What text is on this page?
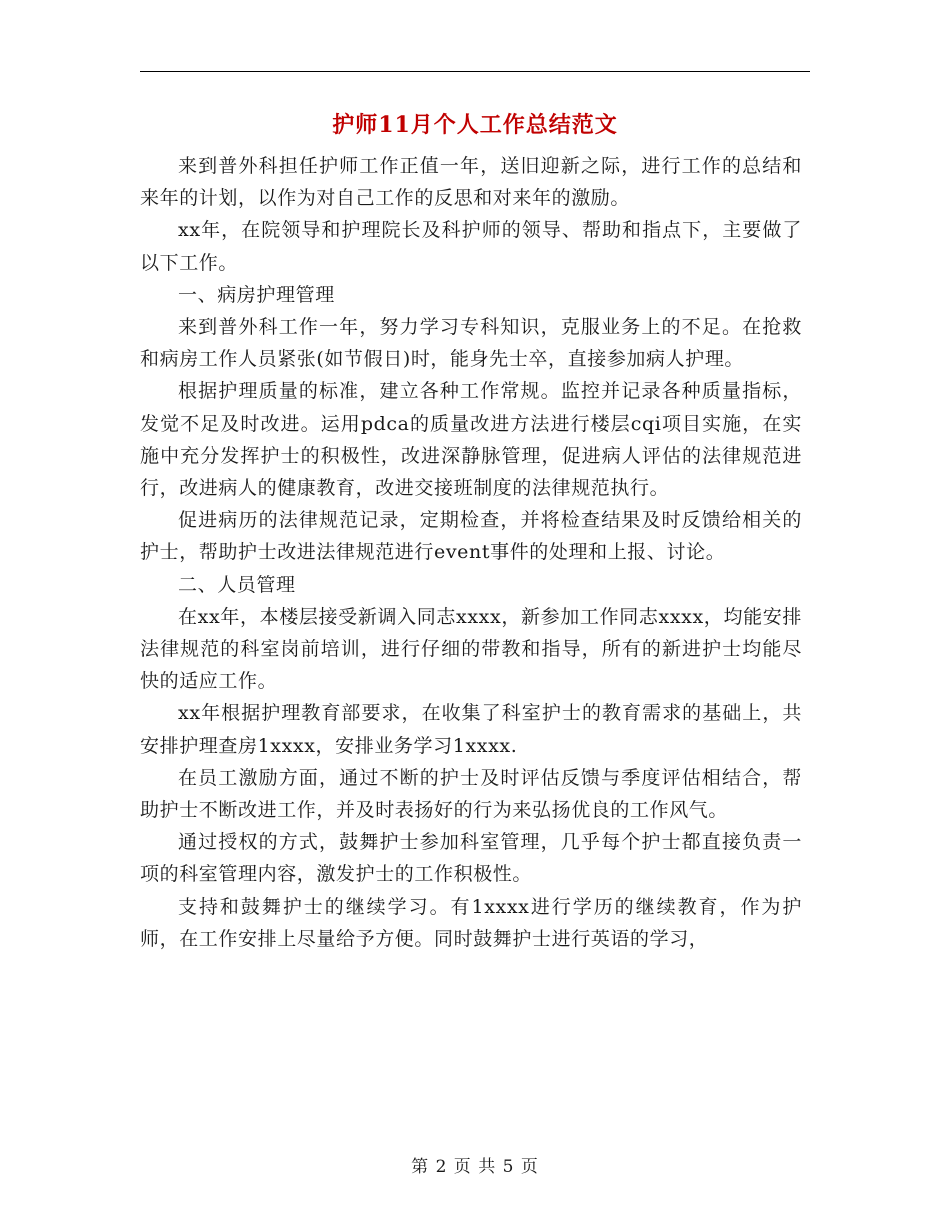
护师11月个人工作总结范文

来到普外科担任护师工作正值一年，送旧迎新之际，进行工作的总结和来年的计划，以作为对自己工作的反思和对来年的激励。

xx年，在院领导和护理院长及科护师的领导、帮助和指点下，主要做了以下工作。

一、病房护理管理

来到普外科工作一年，努力学习专科知识，克服业务上的不足。在抢救和病房工作人员紧张(如节假日)时，能身先士卒，直接参加病人护理。

根据护理质量的标准，建立各种工作常规。监控并记录各种质量指标，发觉不足及时改进。运用pdca的质量改进方法进行楼层cqi项目实施，在实施中充分发挥护士的积极性，改进深静脉管理，促进病人评估的法律规范进行，改进病人的健康教育，改进交接班制度的法律规范执行。

促进病历的法律规范记录，定期检查，并将检查结果及时反馈给相关的护士，帮助护士改进法律规范进行event事件的处理和上报、讨论。

二、人员管理

在xx年，本楼层接受新调入同志xxxx，新参加工作同志xxxx，均能安排法律规范的科室岗前培训，进行仔细的带教和指导，所有的新进护士均能尽快的适应工作。

xx年根据护理教育部要求，在收集了科室护士的教育需求的基础上，共安排护理查房1xxxx，安排业务学习1xxxx.

在员工激励方面，通过不断的护士及时评估反馈与季度评估相结合，帮助护士不断改进工作，并及时表扬好的行为来弘扬优良的工作风气。

通过授权的方式，鼓舞护士参加科室管理，几乎每个护士都直接负责一项的科室管理内容，激发护士的工作积极性。

支持和鼓舞护士的继续学习。有1xxxx进行学历的继续教育，作为护师，在工作安排上尽量给予方便。同时鼓舞护士进行英语的学习，

第 2 页 共 5 页
